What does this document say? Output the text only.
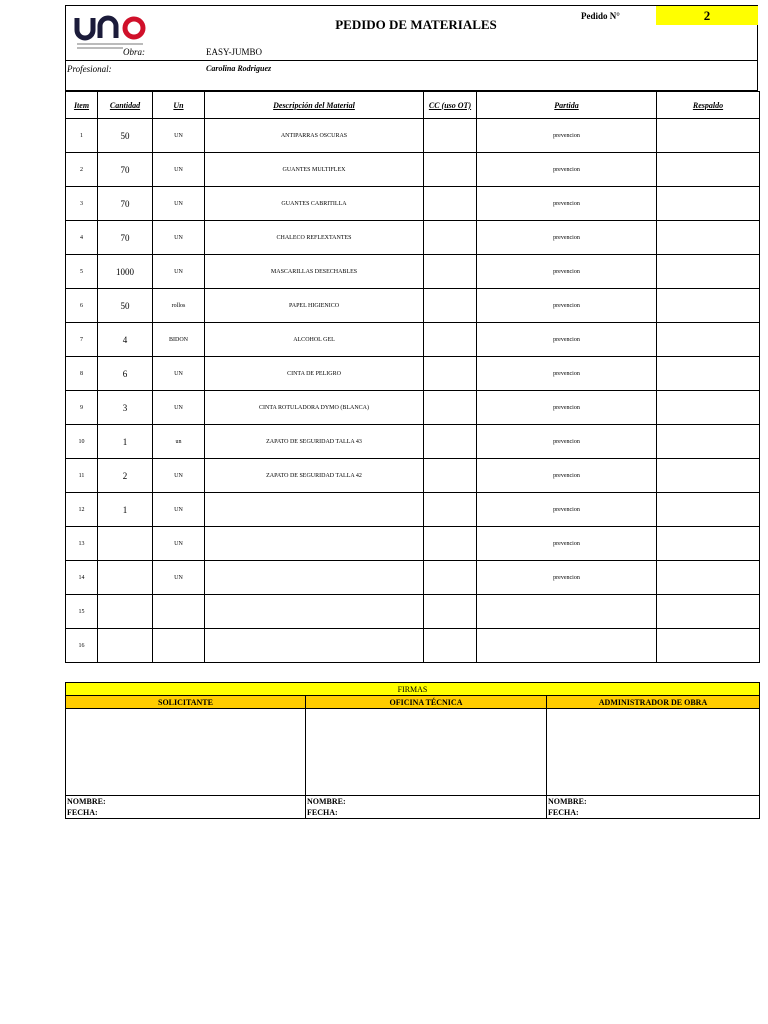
PEDIDO DE MATERIALES
Pedido N°	2
Obra:	EASY-JUMBO
Profesional:	Carolina Rodriguez
Item	Cantidad	Un	Descripción del Material	CC (uso OT)	Partida	Respaldo
1	50	UN	ANTIPARRAS OSCURAS		prevencion	
2	70	UN	GUANTES MULTIFLEX		prevencion	
3	70	UN	GUANTES CABRITILLA		prevencion	
4	70	UN	CHALECO REFLEXTANTES		prevencion	
5	1000	UN	MASCARILLAS DESECHABLES		prevencion	
6	50	rollos	PAPEL HIGIENICO		prevencion	
7	4	BIDON	ALCOHOL GEL		prevencion	
8	6	UN	CINTA DE PELIGRO		prevencion	
9	3	UN	CINTA ROTULADORA DYMO (BLANCA)		prevencion	
10	1	un	ZAPATO DE SEGURIDAD TALLA 43		prevencion	
11	2	UN	ZAPATO DE SEGURIDAD TALLA 42		prevencion	
12	1	UN			prevencion	
13		UN			prevencion	
14		UN			prevencion	
15						
16						
FIRMAS		
SOLICITANTE	OFICINA TÉCNICA	ADMINISTRADOR DE OBRA

NOMBRE:	NOMBRE:	NOMBRE:
FECHA:	FECHA:	FECHA:
